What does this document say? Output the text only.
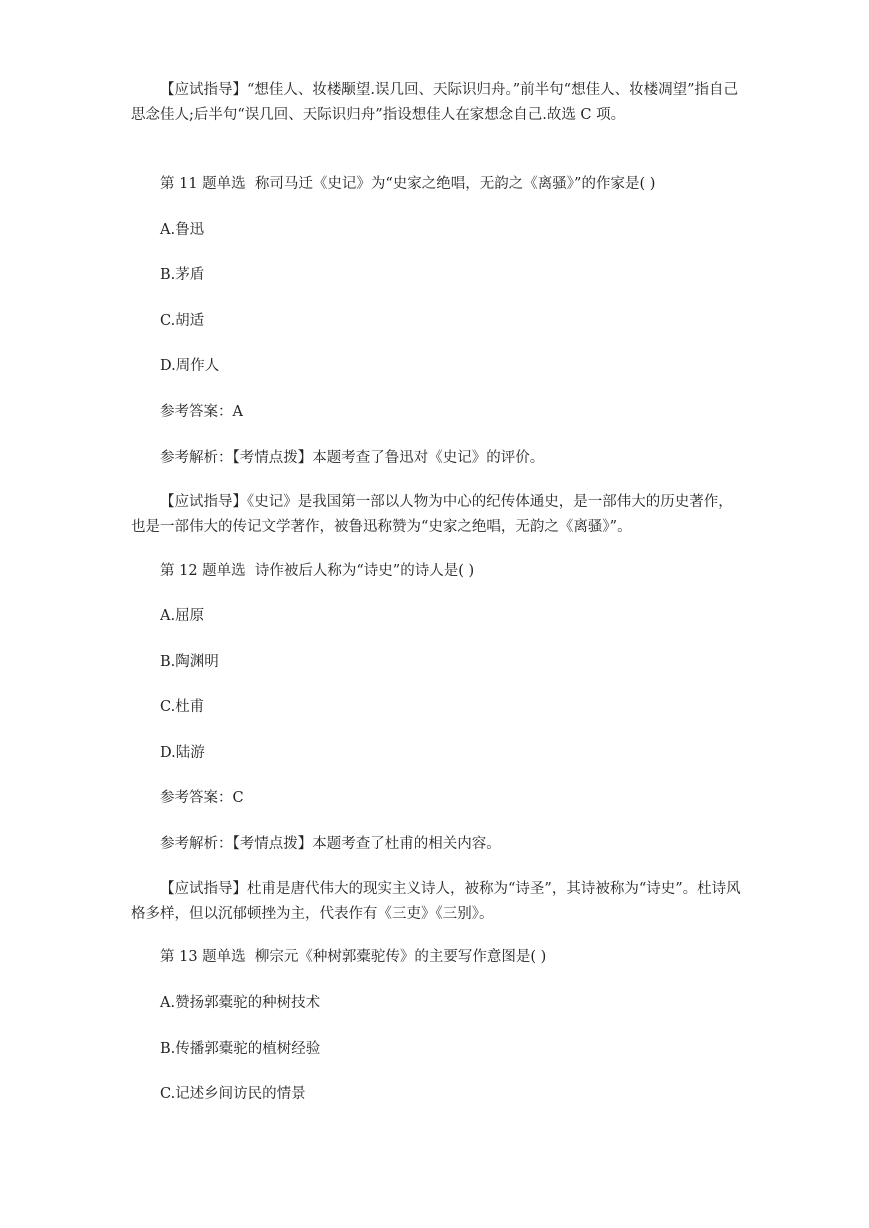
【应试指导】“想佳人、妆楼颙望.误几回、天际识归舟。”前半句“想佳人、妆楼凋望”指自己思念佳人;后半句“误几回、天际识归舟”指设想佳人在家想念自己.故选 C 项。

第 11 题单选  称司马迁《史记》为“史家之绝唱，无韵之《离骚》”的作家是( )

A.鲁迅

B.茅盾

C.胡适

D.周作人

参考答案：A

参考解析：【考情点拨】本题考查了鲁迅对《史记》的评价。

【应试指导】《史记》是我国第一部以人物为中心的纪传体通史，是一部伟大的历史著作，也是一部伟大的传记文学著作，被鲁迅称赞为“史家之绝唱，无韵之《离骚》”。

第 12 题单选  诗作被后人称为“诗史”的诗人是( )

A.屈原

B.陶渊明

C.杜甫

D.陆游

参考答案：C

参考解析：【考情点拨】本题考查了杜甫的相关内容。

【应试指导】杜甫是唐代伟大的现实主义诗人，被称为“诗圣”，其诗被称为“诗史”。杜诗风格多样，但以沉郁顿挫为主，代表作有《三吏》《三别》。

第 13 题单选  柳宗元《种树郭橐驼传》的主要写作意图是( )

A.赞扬郭橐驼的种树技术

B.传播郭橐驼的植树经验

C.记述乡间访民的情景
